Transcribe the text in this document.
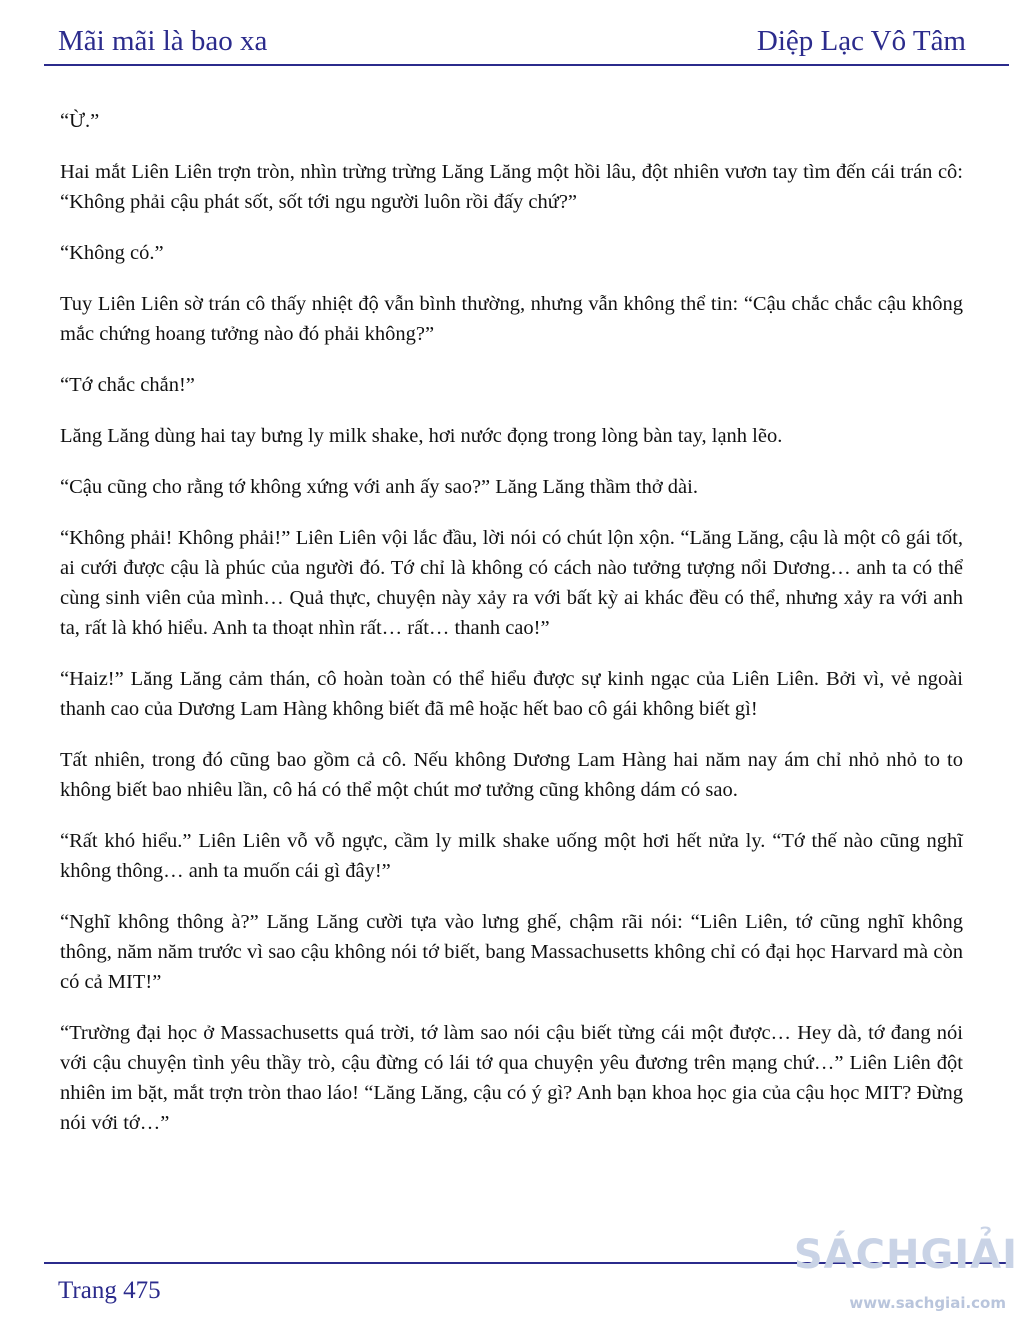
Mãi mãi là bao xa	Diệp Lạc Vô Tâm

“Ừ.”

Hai mắt Liên Liên trợn tròn, nhìn trừng trừng Lăng Lăng một hồi lâu, đột nhiên vươn tay tìm đến cái trán cô: “Không phải cậu phát sốt, sốt tới ngu người luôn rồi đấy chứ?”

“Không có.”

Tuy Liên Liên sờ trán cô thấy nhiệt độ vẫn bình thường, nhưng vẫn không thể tin: “Cậu chắc chắc cậu không mắc chứng hoang tưởng nào đó phải không?”

“Tớ chắc chắn!”

Lăng Lăng dùng hai tay bưng ly milk shake, hơi nước đọng trong lòng bàn tay, lạnh lẽo.

“Cậu cũng cho rằng tớ không xứng với anh ấy sao?” Lăng Lăng thầm thở dài.

“Không phải! Không phải!” Liên Liên vội lắc đầu, lời nói có chút lộn xộn. “Lăng Lăng, cậu là một cô gái tốt, ai cưới được cậu là phúc của người đó. Tớ chỉ là không có cách nào tưởng tượng nổi Dương… anh ta có thể cùng sinh viên của mình… Quả thực, chuyện này xảy ra với bất kỳ ai khác đều có thể, nhưng xảy ra với anh ta, rất là khó hiểu. Anh ta thoạt nhìn rất… rất… thanh cao!”

“Haiz!” Lăng Lăng cảm thán, cô hoàn toàn có thể hiểu được sự kinh ngạc của Liên Liên. Bởi vì, vẻ ngoài thanh cao của Dương Lam Hàng không biết đã mê hoặc hết bao cô gái không biết gì!

Tất nhiên, trong đó cũng bao gồm cả cô. Nếu không Dương Lam Hàng hai năm nay ám chỉ nhỏ nhỏ to to không biết bao nhiêu lần, cô há có thể một chút mơ tưởng cũng không dám có sao.

“Rất khó hiểu.” Liên Liên vỗ vỗ ngực, cầm ly milk shake uống một hơi hết nửa ly. “Tớ thế nào cũng nghĩ không thông… anh ta muốn cái gì đây!”

“Nghĩ không thông à?” Lăng Lăng cười tựa vào lưng ghế, chậm rãi nói: “Liên Liên, tớ cũng nghĩ không thông, năm năm trước vì sao cậu không nói tớ biết, bang Massachusetts không chỉ có đại học Harvard mà còn có cả MIT!”

“Trường đại học ở Massachusetts quá trời, tớ làm sao nói cậu biết từng cái một được… Hey dà, tớ đang nói với cậu chuyện tình yêu thầy trò, cậu đừng có lái tớ qua chuyện yêu đương trên mạng chứ…” Liên Liên đột nhiên im bặt, mắt trợn tròn thao láo! “Lăng Lăng, cậu có ý gì? Anh bạn khoa học gia của cậu học MIT? Đừng nói với tớ…”

Trang 475
SÁCHGIẢI
www.sachgiai.com
